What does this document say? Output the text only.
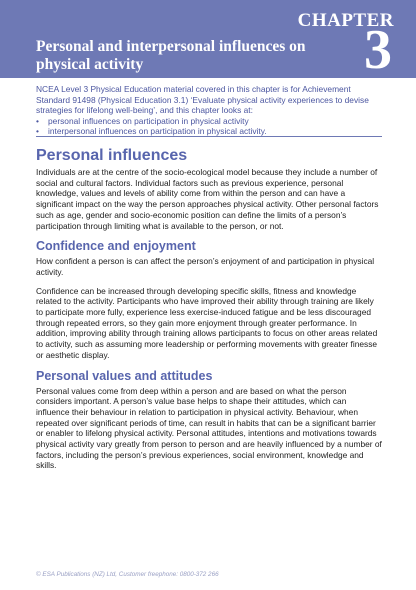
CHAPTER
3
Personal and interpersonal influences on physical activity

NCEA Level 3 Physical Education material covered in this chapter is for Achievement Standard 91498 (Physical Education 3.1) ‘Evaluate physical activity experiences to devise strategies for lifelong well-being’, and this chapter looks at:

• personal influences on participation in physical activity
• interpersonal influences on participation in physical activity.
Personal influences

Individuals are at the centre of the socio-ecological model because they include a number of social and cultural factors. Individual factors such as previous experience, personal knowledge, values and levels of ability come from within the person and can have a significant impact on the way the person approaches physical activity. Other personal factors such as age, gender and socio-economic position can define the limits of a person’s participation through limiting what is available to the person, or not.

Confidence and enjoyment

How confident a person is can affect the person’s enjoyment of and participation in physical activity.

Confidence can be increased through developing specific skills, fitness and knowledge related to the activity. Participants who have improved their ability through training are likely to participate more fully, experience less exercise-induced fatigue and be less discouraged through repeated errors, so they gain more enjoyment through greater performance. In addition, improving ability through training allows participants to focus on other areas related to activity, such as assuming more leadership or performing movements with greater finesse or aesthetic display.

Personal values and attitudes

Personal values come from deep within a person and are based on what the person considers important. A person’s value base helps to shape their attitudes, which can influence their behaviour in relation to participation in physical activity. Behaviour, when repeated over significant periods of time, can result in habits that can be a significant barrier or enabler to lifelong physical activity. Personal attitudes, intentions and motivations towards physical activity vary greatly from person to person and are heavily influenced by a number of factors, including the person’s previous experiences, social environment, knowledge and skills.

© ESA Publications (NZ) Ltd, Customer freephone: 0800-372 266
